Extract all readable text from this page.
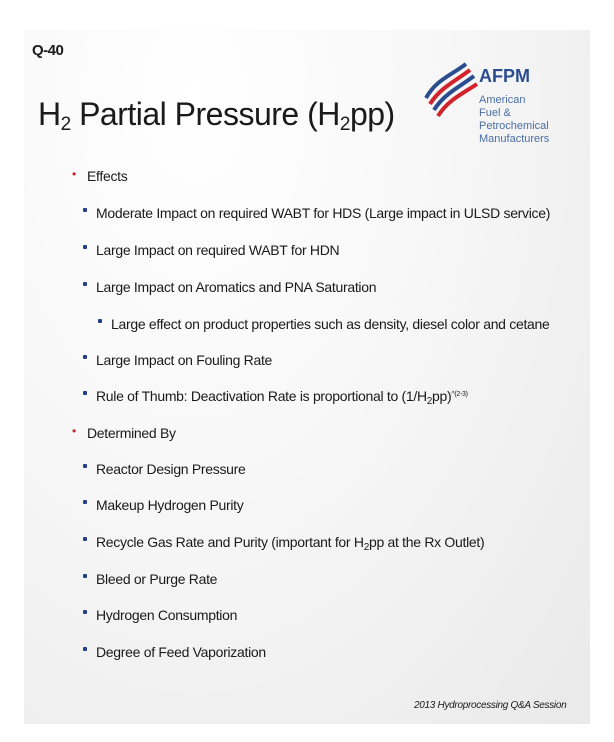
Q-40
$H_2$ Partial Pressure $(H_2pp)$
AFPM
American
Fuel & Petrochemical
Manufacturers
• Effects
Moderate Impact on required WABT for HDS (Large impact in ULSD service)
Large Impact on required WABT for HDN
Large Impact on Aromatics and PNA Saturation
Large effect on product properties such as density, diesel color and cetane
Large Impact on Fouling Rate
Rule of Thumb: Deactivation Rate is proportional to $(1/H_2pp)^{\^{}(2-3)}$
• Determined By
Reactor Design Pressure
Makeup Hydrogen Purity
Recycle Gas Rate and Purity (important for $H_2pp$ at the Rx Outlet)
Bleed or Purge Rate
Hydrogen Consumption
Degree of Feed Vaporization
2013 Hydroprocessing Q&A Session
